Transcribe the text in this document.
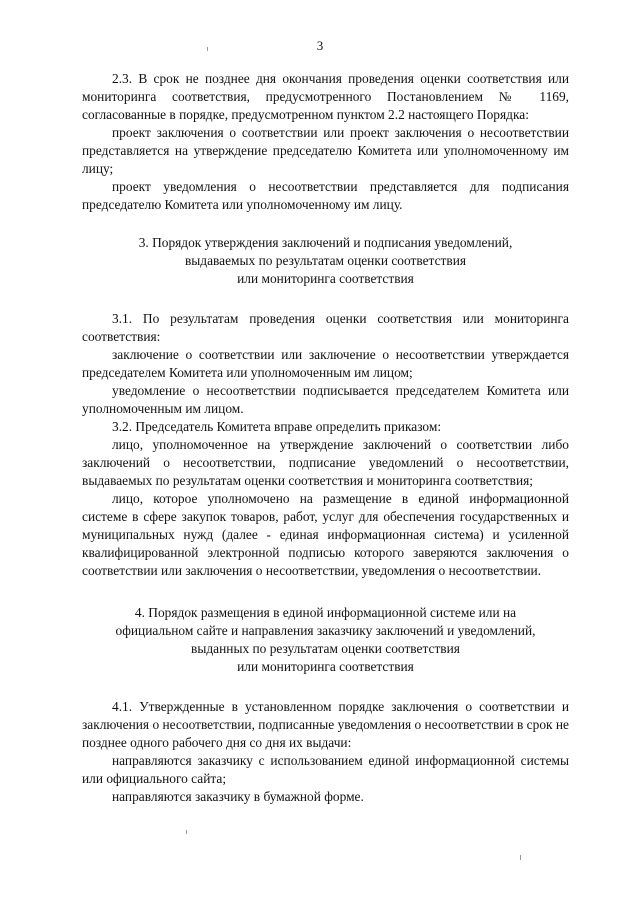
3

2.3. В срок не позднее дня окончания проведения оценки соответствия или мониторинга соответствия, предусмотренного Постановлением № 1169, согласованные в порядке, предусмотренном пунктом 2.2 настоящего Порядка:

проект заключения о соответствии или проект заключения о несоответствии представляется на утверждение председателю Комитета или уполномоченному им лицу;

проект уведомления о несоответствии представляется для подписания председателю Комитета или уполномоченному им лицу.

3. Порядок утверждения заключений и подписания уведомлений,
выдаваемых по результатам оценки соответствия
или мониторинга соответствия

3.1. По результатам проведения оценки соответствия или мониторинга соответствия:

заключение о соответствии или заключение о несоответствии утверждается председателем Комитета или уполномоченным им лицом;

уведомление о несоответствии подписывается председателем Комитета или уполномоченным им лицом.

3.2. Председатель Комитета вправе определить приказом:

лицо, уполномоченное на утверждение заключений о соответствии либо заключений о несоответствии, подписание уведомлений о несоответствии, выдаваемых по результатам оценки соответствия и мониторинга соответствия;

лицо, которое уполномочено на размещение в единой информационной системе в сфере закупок товаров, работ, услуг для обеспечения государственных и муниципальных нужд (далее - единая информационная система) и усиленной квалифицированной электронной подписью которого заверяются заключения о соответствии или заключения о несоответствии, уведомления о несоответствии.

4. Порядок размещения в единой информационной системе или на
официальном сайте и направления заказчику заключений и уведомлений,
выданных по результатам оценки соответствия
или мониторинга соответствия

4.1. Утвержденные в установленном порядке заключения о соответствии и заключения о несоответствии, подписанные уведомления о несоответствии в срок не позднее одного рабочего дня со дня их выдачи:

направляются заказчику с использованием единой информационной системы или официального сайта;

направляются заказчику в бумажной форме.
